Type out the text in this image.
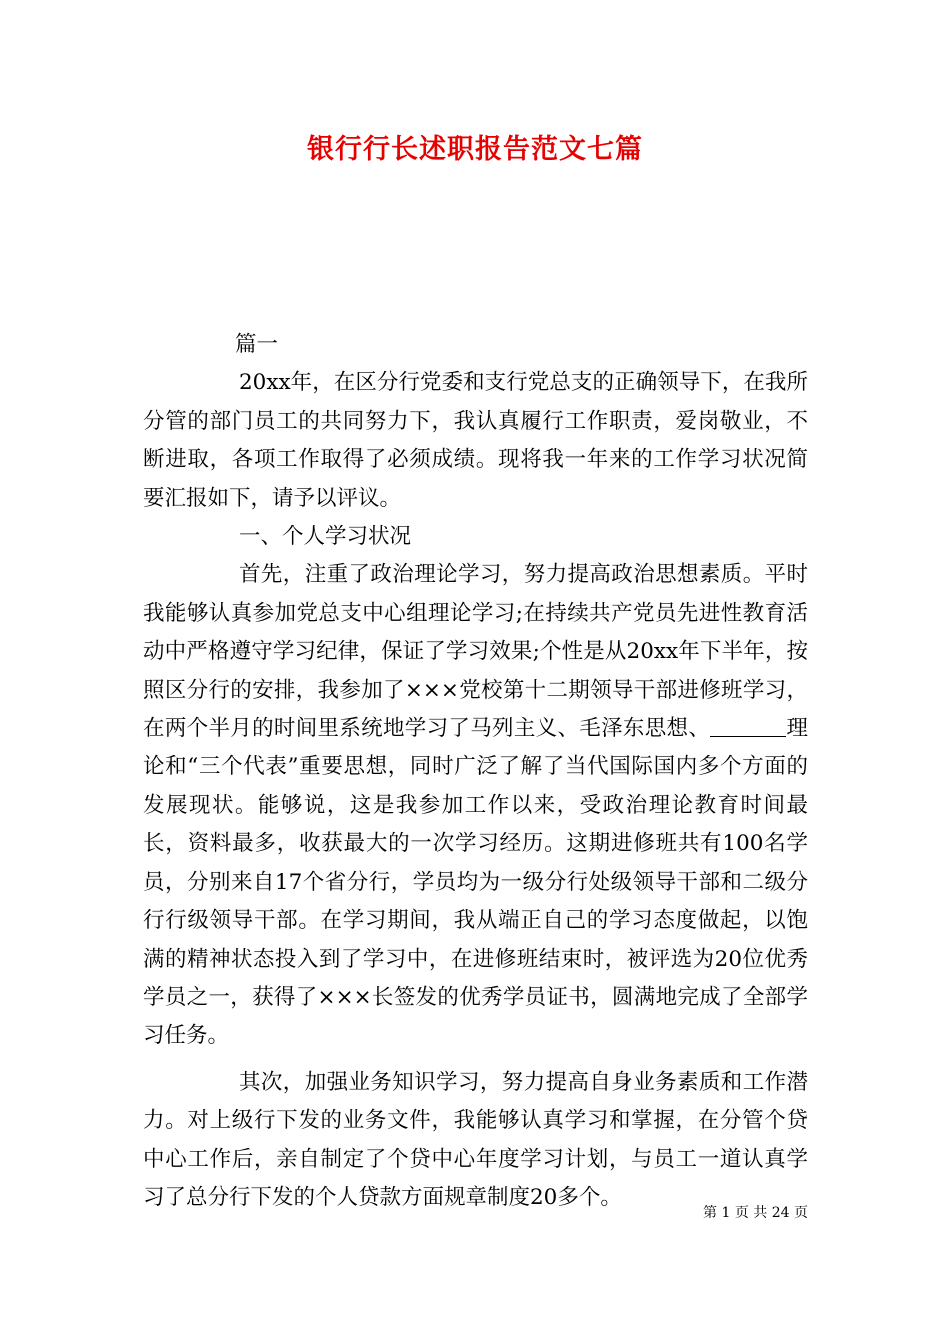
银行行长述职报告范文七篇

篇一

20xx年，在区分行党委和支行党总支的正确领导下，在我所分管的部门员工的共同努力下，我认真履行工作职责，爱岗敬业，不断进取，各项工作取得了必须成绩。现将我一年来的工作学习状况简要汇报如下，请予以评议。

一、个人学习状况

首先，注重了政治理论学习，努力提高政治思想素质。平时我能够认真参加党总支中心组理论学习;在持续共产党员先进性教育活动中严格遵守学习纪律，保证了学习效果;个性是从20xx年下半年，按照区分行的安排，我参加了×××党校第十二期领导干部进修班学习，在两个半月的时间里系统地学习了马列主义、毛泽东思想、	理论和“三个代表”重要思想，同时广泛了解了当代国际国内多个方面的发展现状。能够说，这是我参加工作以来，受政治理论教育时间最长，资料最多，收获最大的一次学习经历。这期进修班共有100名学员，分别来自17个省分行，学员均为一级分行处级领导干部和二级分行行级领导干部。在学习期间，我从端正自己的学习态度做起，以饱满的精神状态投入到了学习中，在进修班结束时，被评选为20位优秀学员之一，获得了×××长签发的优秀学员证书，圆满地完成了全部学习任务。

其次，加强业务知识学习，努力提高自身业务素质和工作潜力。对上级行下发的业务文件，我能够认真学习和掌握，在分管个贷中心工作后，亲自制定了个贷中心年度学习计划，与员工一道认真学习了总分行下发的个人贷款方面规章制度20多个。

第 1 页 共 24 页
